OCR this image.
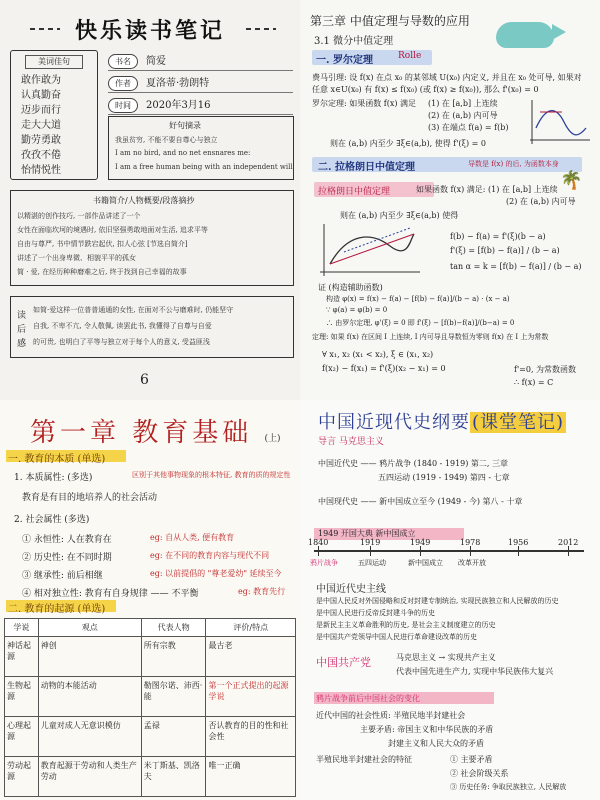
快乐读书笔记
美词佳句
敢作敢为
认真勤奋
迈步而行
走大大道
勤劳勇敢
孜孜不倦
怡情悦性
书名 简爱
作者 夏洛蒂·勃朗特
时间 2020年3月16
好句摘录
我虽贫穷, 不能不要自尊心与独立
I am no bird, and no net ensnares me:
I am a free human being with an independent will
书籍简介/人物概要/段落摘抄
以精湛的创作技巧, 一部作品讲述了一个
女性在面临坎坷的境遇时, 依旧坚强勇敢地面对生活, 追求平等
自由与尊严, 书中情节跌宕起伏, 扣人心弦 [节选自简介]
讲述了一个出身卑微、相貌平平的孤女
简 · 爱, 在经历种种磨难之后, 终于找到自己幸福的故事
读
后
感
如简·爱这样一位普普通通的女性, 在面对不公与磨难时, 仍能坚守
自我, 不卑不亢, 令人敬佩, 读罢此书, 我懂得了自尊与自爱
的可贵, 也明白了平等与独立对于每个人的意义, 受益匪浅
6
第三章 中值定理与导数的应用
3.1 微分中值定理
一. 罗尔定理	Rolle
费马引理: 设 f(x) 在点 x₀ 的某邻域 U(x₀) 内定义, 并且在 x₀ 处可导, 如果对
任意 x∈U(x₀) 有 f(x) ≤ f(x₀) (或 f(x) ≥ f(x₀)), 那么 f'(x₀) = 0
罗尔定理: 如果函数 f(x) 满足 (1) 在 [a,b] 上连续
(2) 在 (a,b) 内可导
(3) 在端点 f(a) = f(b)
则在 (a,b) 内至少 ∃ξ∈(a,b), 使得 f'(ξ) = 0
二. 拉格朗日中值定理	导数是 f(x) 的后, 为函数本身
拉格朗日中值定理	如果函数 f(x) 满足: (1) 在 [a,b] 上连续
(2) 在 (a,b) 内可导
则在 (a,b) 内至少 ∃ξ∈(a,b) 使得
🌴
f(b) − f(a) = f'(ξ)(b − a)
f'(ξ) = [f(b) − f(a)] / (b − a)
tan α = k = [f(b) − f(a)] / (b − a)
证 (构造辅助函数)
构造 φ(x) = f(x) − f(a) − [f(b) − f(a)]/(b − a) · (x − a)
∵ φ(a) = φ(b) = 0
∴ 由罗尔定理, φ'(ξ) = 0 即 f'(ξ) − [f(b)−f(a)]/(b−a) = 0
定理: 如果 f(x) 在区间 I 上连续, I 内可导且导数恒为零则 f(x) 在 I 上为常数
∀ x₁, x₂ (x₁ < x₂), ξ ∈ (x₁, x₂)
f(x₂) − f(x₁) = f'(ξ)(x₂ − x₁) = 0	f'=0, 为常数函数
∴ f(x) = C
第一章 教育基础 (上)
一. 教育的本质 (单选)
区别于其他事物现象的根本特征, 教育的质的规定性
1. 本质属性: (多选)
教育是有目的地培养人的社会活动
2. 社会属性 (多选)
① 永恒性: 人在教育在	eg: 自从人类, 便有教育
② 历史性: 在不同时期	eg: 在不同的教育内容与现代不同
③ 继承性: 前后相继	eg: 以前提倡的 "尊老爱幼" 延续至今
④ 相对独立性: 教育有自身规律 —— 不平衡	eg: 教育先行
二. 教育的起源 (单选)
学说	观点	代表人物	评价/特点
神话起源	神创	所有宗教	最古老
生物起源	动物的本能活动	勒图尔诺、沛西·能	第一个正式提出的起源学说
心理起源	儿童对成人无意识模仿	孟禄	否认教育的目的性和社会性
劳动起源	教育起源于劳动和人类生产劳动	米丁斯基、凯洛夫	唯一正确
中国近现代史纲要 (课堂笔记)
导言 马克思主义
中国近代史 —— 鸦片战争 (1840 - 1919) 第二, 三章
五四运动 (1919 - 1949) 第四 - 七章
中国现代史 —— 新中国成立至今 (1949 - 今) 第八 - 十章
1949 开国大典 新中国成立
1840	1919	1949	1978	1956	2012
鸦片战争	五四运动	新中国成立 改革开放
中国近代史主线
是中国人民反对外国侵略和反对封建专制统治, 实现民族独立和人民解放的历史
是中国人民进行反帝反封建斗争的历史
是新民主主义革命胜利的历史, 是社会主义制度建立的历史
是中国共产党领导中国人民进行革命建设改革的历史
中国共产党	马克思主义 → 实现共产主义
代表中国先进生产力, 实现中华民族伟大复兴
鸦片战争前后中国社会的变化
近代中国的社会性质: 半殖民地半封建社会
主要矛盾: 帝国主义和中华民族的矛盾
封建主义和人民大众的矛盾
半殖民地半封建社会的特征	① 主要矛盾
② 社会阶级关系
③ 历史任务: 争取民族独立, 人民解放
